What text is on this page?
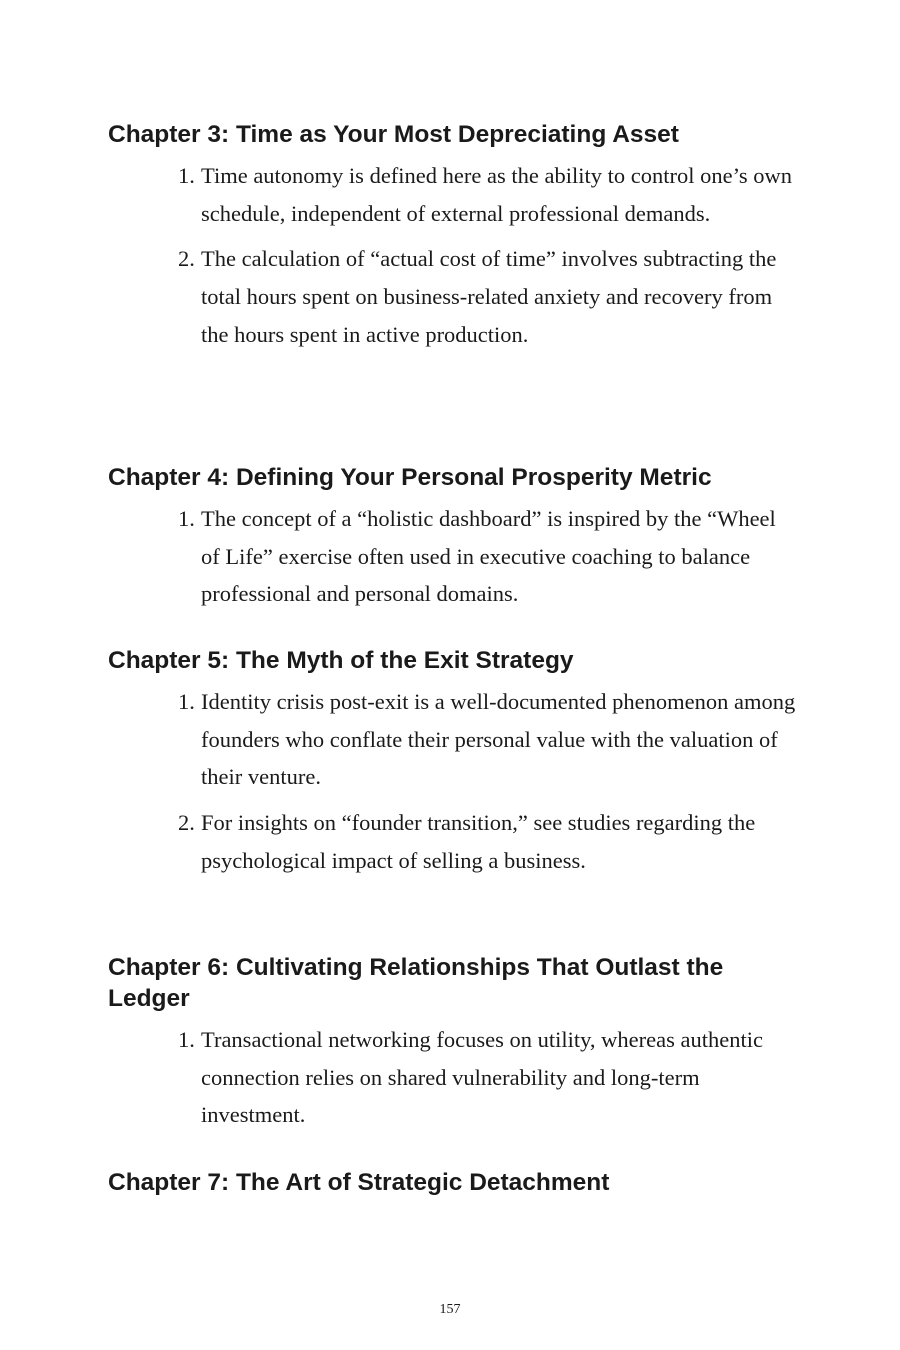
Chapter 3: Time as Your Most Depreciating Asset
1. Time autonomy is defined here as the ability to control one’s own schedule, independent of external professional demands.
2. The calculation of “actual cost of time” involves subtracting the total hours spent on business-related anxiety and recovery from the hours spent in active production.
Chapter 4: Defining Your Personal Prosperity Metric
1. The concept of a “holistic dashboard” is inspired by the “Wheel of Life” exercise often used in executive coaching to balance professional and personal domains.
Chapter 5: The Myth of the Exit Strategy
1. Identity crisis post-exit is a well-documented phenomenon among founders who conflate their personal value with the valuation of their venture.
2. For insights on “founder transition,” see studies regarding the psychological impact of selling a business.
Chapter 6: Cultivating Relationships That Outlast the Ledger
1. Transactional networking focuses on utility, whereas authentic connection relies on shared vulnerability and long-term investment.
Chapter 7: The Art of Strategic Detachment
157
